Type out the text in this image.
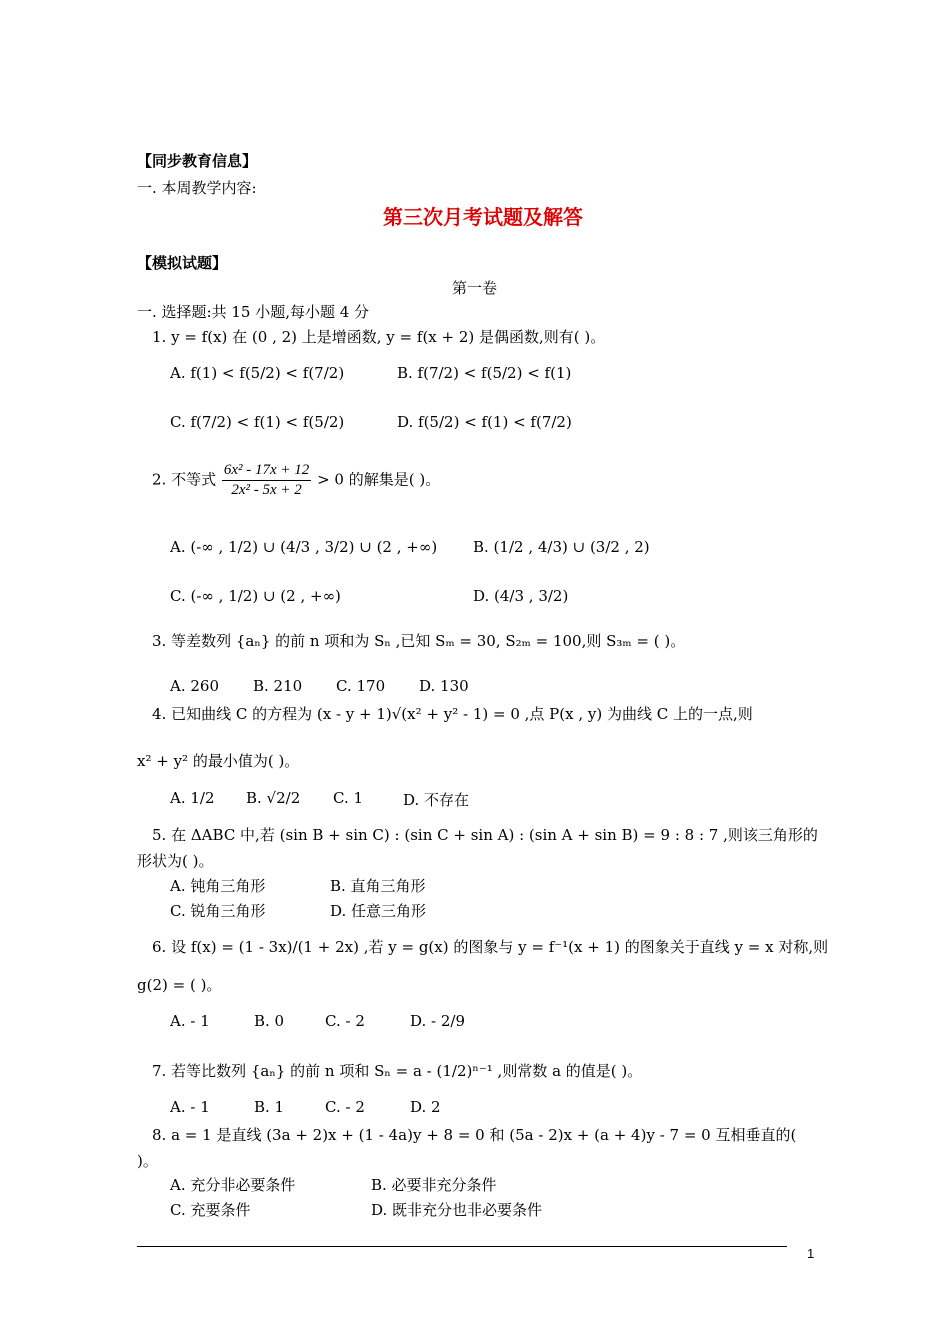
【同步教育信息】
一. 本周教学内容:
第三次月考试题及解答
【模拟试题】
第一卷
一. 选择题:共 15 小题,每小题 4 分
1. y = f(x) 在 (0 , 2) 上是增函数, y = f(x + 2) 是偶函数,则有( )。
A. f(1) < f(5/2) < f(7/2)	B. f(7/2) < f(5/2) < f(1)
C. f(7/2) < f(1) < f(5/2)	D. f(5/2) < f(1) < f(7/2)
2. 不等式 $\frac{\text{6x² - 17x + 12}}{\text{2x² - 5x + 2}} > 0$ 的解集是( )。
A. (-∞ , 1/2) ∪ (4/3 , 3/2) ∪ (2 , +∞) B. (1/2 , 4/3) ∪ (3/2 , 2)
C. (-∞ , 1/2) ∪ (2 , +∞)	D. (4/3 , 3/2)
3. 等差数列 {aₙ} 的前 n 项和为 Sₙ ,已知 Sₘ = 30, S₂ₘ = 100,则 S₃ₘ = ( )。
A. 260 B. 210 C. 170 D. 130
4. 已知曲线 C 的方程为 (x - y + 1)√(x² + y² - 1) = 0 ,点 P(x , y) 为曲线 C 上的一点,则
x² + y² 的最小值为( )。
A. 1/2 B. √2/2 C. 1	D. 不存在
5. 在 ΔABC 中,若 (sin B + sin C) : (sin C + sin A) : (sin A + sin B) = 9 : 8 : 7 ,则该三角形的
形状为( )。
A. 钝角三角形	B. 直角三角形
C. 锐角三角形	D. 任意三角形
6. 设 f(x) = (1 - 3x)/(1 + 2x) ,若 y = g(x) 的图象与 y = f⁻¹(x + 1) 的图象关于直线 y = x 对称,则
g(2) = ( )。
A. - 1	B. 0	C. - 2	D. - 2/9
7. 若等比数列 {aₙ} 的前 n 项和 Sₙ = a - (1/2)ⁿ⁻¹ ,则常数 a 的值是( )。
A. - 1	B. 1	C. - 2	D. 2
8. a = 1 是直线 (3a + 2)x + (1 - 4a)y + 8 = 0 和 (5a - 2)x + (a + 4)y - 7 = 0 互相垂直的(
)。
A. 充分非必要条件	B. 必要非充分条件
C. 充要条件	D. 既非充分也非必要条件
1
